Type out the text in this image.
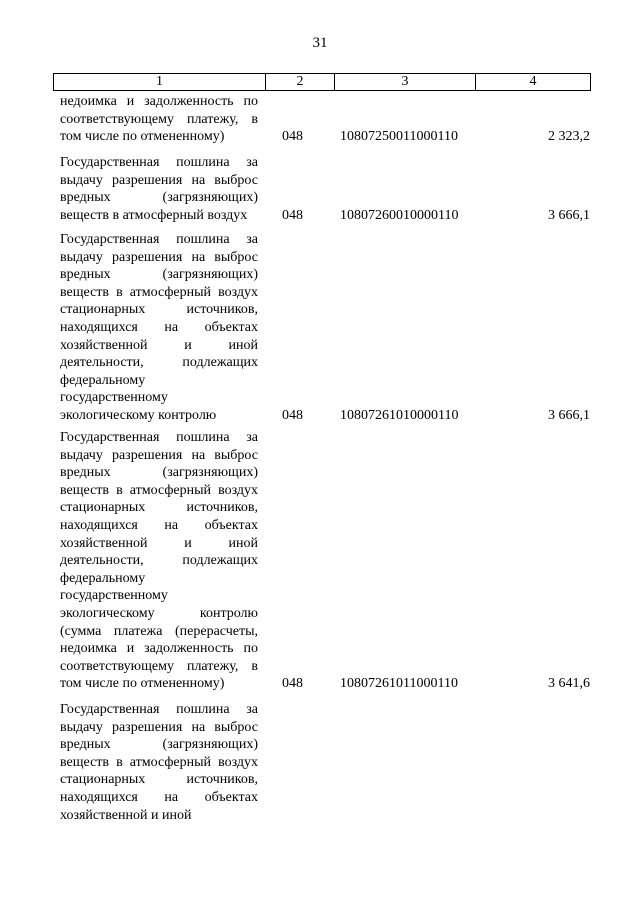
31
1	2	3	4
недоимка и задолженность по
соответствующему платежу, в
том числе по отмененному)	048	10807250011000110	2 323,2
Государственная пошлина за
выдачу разрешения на выброс
вредных (загрязняющих)
веществ в атмосферный воздух	048	10807260010000110	3 666,1
Государственная пошлина за
выдачу разрешения на выброс
вредных (загрязняющих)
веществ в атмосферный воздух
стационарных источников,
находящихся на объектах
хозяйственной и иной
деятельности, подлежащих
федеральному
государственному
экологическому контролю	048	10807261010000110	3 666,1
Государственная пошлина за
выдачу разрешения на выброс
вредных (загрязняющих)
веществ в атмосферный воздух
стационарных источников,
находящихся на объектах
хозяйственной и иной
деятельности, подлежащих
федеральному
государственному
экологическому контролю
(сумма платежа (перерасчеты,
недоимка и задолженность по
соответствующему платежу, в
том числе по отмененному)	048	10807261011000110	3 641,6
Государственная пошлина за
выдачу разрешения на выброс
вредных (загрязняющих)
веществ в атмосферный воздух
стационарных источников,
находящихся на объектах
хозяйственной и иной
